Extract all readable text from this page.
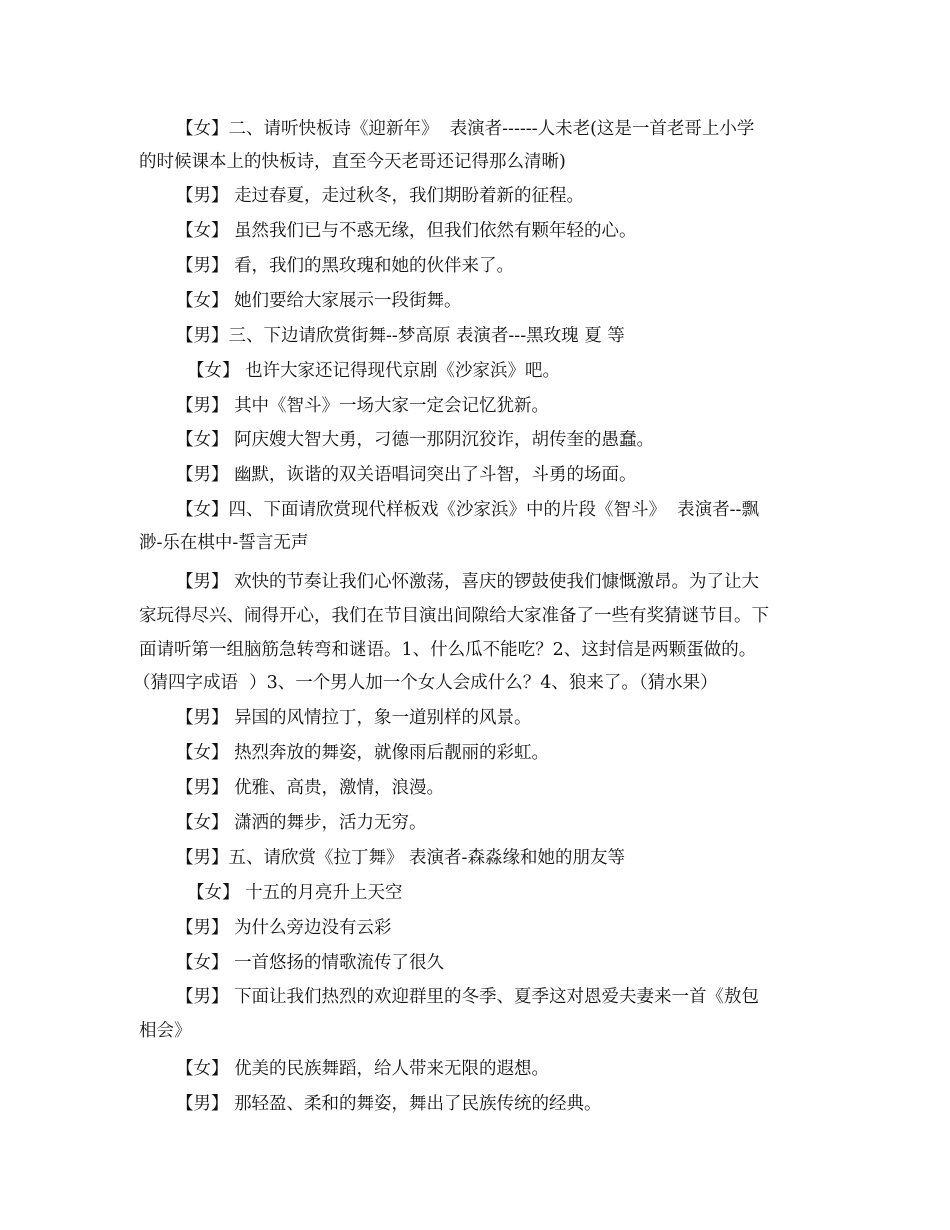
【女】二、请听快板诗《迎新年》  表演者------人未老(这是一首老哥上小学
的时候课本上的快板诗，直至今天老哥还记得那么清晰)
【男】 走过春夏，走过秋冬，我们期盼着新的征程。
【女】 虽然我们已与不惑无缘，但我们依然有颗年轻的心。
【男】 看，我们的黑玫瑰和她的伙伴来了。
【女】 她们要给大家展示一段街舞。
【男】三、下边请欣赏街舞--梦高原 表演者---黑玫瑰 夏 等
【女】 也许大家还记得现代京剧《沙家浜》吧。
【男】 其中《智斗》一场大家一定会记忆犹新。
【女】 阿庆嫂大智大勇，刁德一那阴沉狡诈，胡传奎的愚蠢。
【男】 幽默，诙谐的双关语唱词突出了斗智，斗勇的场面。
【女】四、下面请欣赏现代样板戏《沙家浜》中的片段《智斗》  表演者--飘
渺-乐在棋中-誓言无声
【男】 欢快的节奏让我们心怀激荡，喜庆的锣鼓使我们慷慨激昂。为了让大
家玩得尽兴、闹得开心，我们在节目演出间隙给大家准备了一些有奖猜谜节目。下
面请听第一组脑筋急转弯和谜语。1、什么瓜不能吃？2、这封信是两颗蛋做的。
（猜四字成语  ）3、一个男人加一个女人会成什么？4、狼来了。（猜水果）
【男】 异国的风情拉丁，象一道别样的风景。
【女】 热烈奔放的舞姿，就像雨后靓丽的彩虹。
【男】 优雅、高贵，激情，浪漫。
【女】 潇洒的舞步，活力无穷。
【男】五、请欣赏《拉丁舞》 表演者-森淼缘和她的朋友等
【女】 十五的月亮升上天空
【男】 为什么旁边没有云彩
【女】 一首悠扬的情歌流传了很久
【男】 下面让我们热烈的欢迎群里的冬季、夏季这对恩爱夫妻来一首《敖包
相会》
【女】 优美的民族舞蹈，给人带来无限的遐想。
【男】 那轻盈、柔和的舞姿，舞出了民族传统的经典。
